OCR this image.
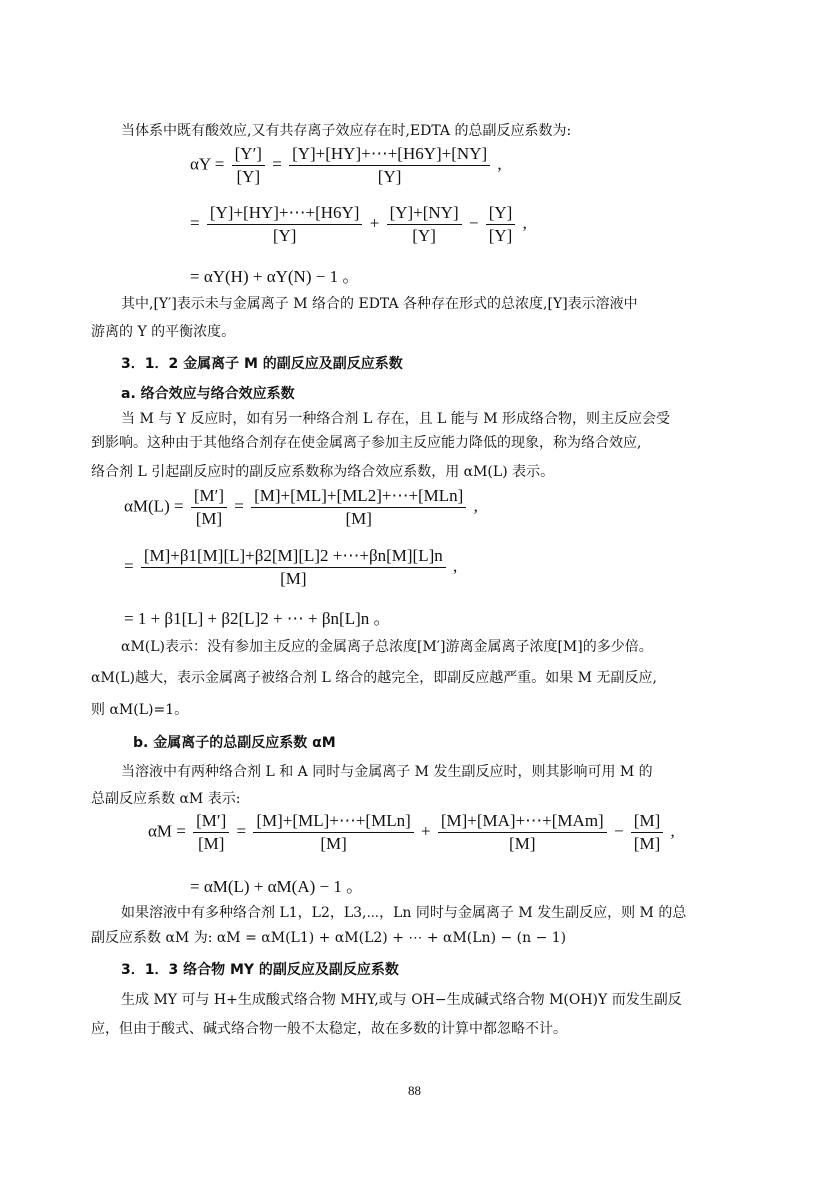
当体系中既有酸效应,又有共存离子效应存在时,EDTA 的总副反应系数为:
$\alpha Y = \frac{[Y']}{[Y]} = \frac{[Y]+[HY]+\cdots+[H6Y]+[NY]}{[Y]}$ ,
= $\frac{[Y]+[HY]+\cdots+[H6Y]}{[Y]} + \frac{[Y]+[NY]}{[Y]} - \frac{[Y]}{[Y]}$ ,
= αY(H) + αY(N) − 1 。
其中,[Y′]表示未与金属离子 M 络合的 EDTA 各种存在形式的总浓度,[Y]表示溶液中
游离的 Y 的平衡浓度。
3．1．2 金属离子 M 的副反应及副反应系数
a. 络合效应与络合效应系数
当 M 与 Y 反应时，如有另一种络合剂 L 存在，且 L 能与 M 形成络合物，则主反应会受
到影响。这种由于其他络合剂存在使金属离子参加主反应能力降低的现象，称为络合效应,
络合剂 L 引起副反应时的副反应系数称为络合效应系数，用 αM(L) 表示。
$\alpha M(L) = \frac{[M']}{[M]} = \frac{\text{[M]+[ML]+[ML2]+⋯+[MLn]}}{[M]}$ ,
= $\frac{[M]+\beta 1[M][L]+\beta 2[M][L]2 +\cdots+\beta n[M][L]n}{[M]}$ ,
= 1 + β1[L] + β2[L]2 + ⋯ + βn[L]n 。
αM(L)表示：没有参加主反应的金属离子总浓度[M′]游离金属离子浓度[M]的多少倍。
αM(L)越大，表示金属离子被络合剂 L 络合的越完全，即副反应越严重。如果 M 无副反应,
则 αM(L)=1。
b. 金属离子的总副反应系数 αM
当溶液中有两种络合剂 L 和 A 同时与金属离子 M 发生副反应时，则其影响可用 M 的
总副反应系数 αM 表示:
$\alpha M = \frac{[M']}{[M]} = \frac{\text{[M]+[ML]+⋯+[MLn]}}{[M]} + \frac{\text{[M]+[MA]+⋯+[MAm]}}{[M]} - \frac{[M]}{[M]}$ ,
= αM(L) + αM(A) − 1 。
如果溶液中有多种络合剂 L1，L2，L3,⋯，Ln 同时与金属离子 M 发生副反应，则 M 的总
副反应系数 αM 为: αM = αM(L1) + αM(L2) + ⋯ + αM(Ln) − (n − 1)
3．1．3 络合物 MY 的副反应及副反应系数
生成 MY 可与 H+生成酸式络合物 MHY,或与 OH−生成碱式络合物 M(OH)Y 而发生副反
应，但由于酸式、碱式络合物一般不太稳定，故在多数的计算中都忽略不计。
88
